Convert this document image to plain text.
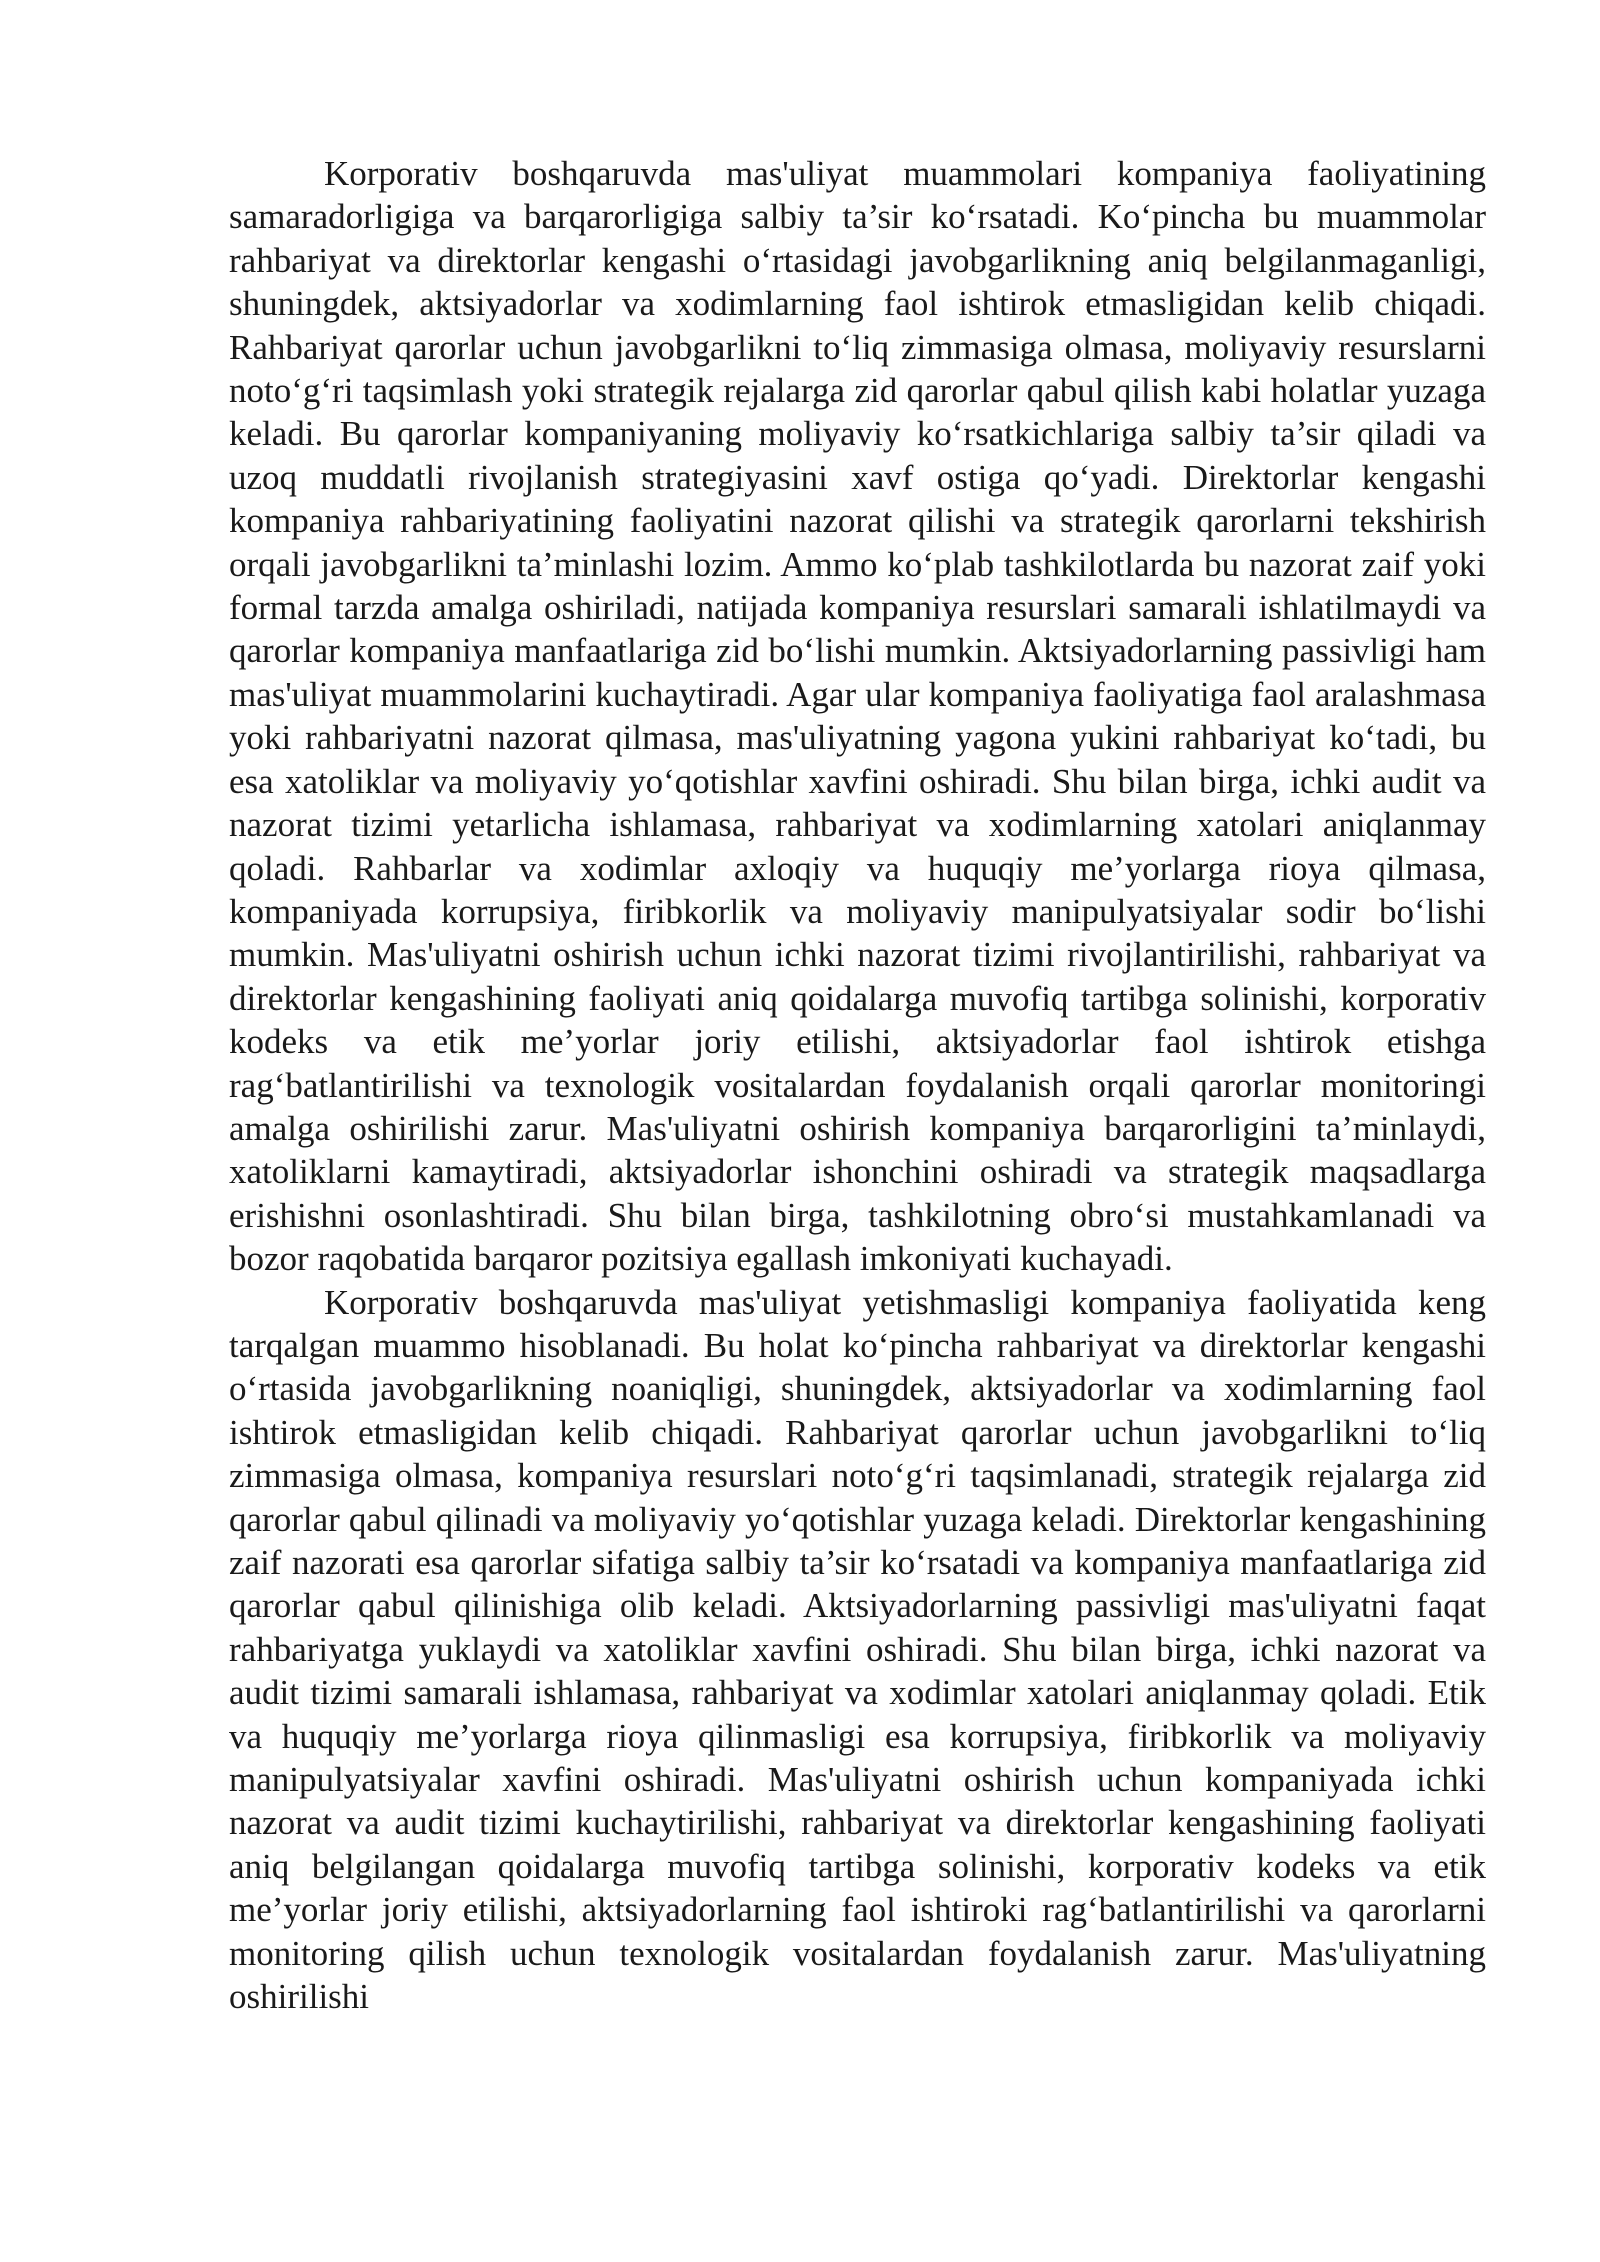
Korporativ boshqaruvda mas'uliyat muammolari kompaniya faoliyatining samaradorligiga va barqarorligiga salbiy ta’sir ko‘rsatadi. Ko‘pincha bu muammolar rahbariyat va direktorlar kengashi o‘rtasidagi javobgarlikning aniq belgilanmaganligi, shuningdek, aktsiyadorlar va xodimlarning faol ishtirok etmasligidan kelib chiqadi. Rahbariyat qarorlar uchun javobgarlikni to‘liq zimmasiga olmasa, moliyaviy resurslarni noto‘g‘ri taqsimlash yoki strategik rejalarga zid qarorlar qabul qilish kabi holatlar yuzaga keladi. Bu qarorlar kompaniyaning moliyaviy ko‘rsatkichlariga salbiy ta’sir qiladi va uzoq muddatli rivojlanish strategiyasini xavf ostiga qo‘yadi. Direktorlar kengashi kompaniya rahbariyatining faoliyatini nazorat qilishi va strategik qarorlarni tekshirish orqali javobgarlikni ta’minlashi lozim. Ammo ko‘plab tashkilotlarda bu nazorat zaif yoki formal tarzda amalga oshiriladi, natijada kompaniya resurslari samarali ishlatilmaydi va qarorlar kompaniya manfaatlariga zid bo‘lishi mumkin. Aktsiyadorlarning passivligi ham mas'uliyat muammolarini kuchaytiradi. Agar ular kompaniya faoliyatiga faol aralashmasa yoki rahbariyatni nazorat qilmasa, mas'uliyatning yagona yukini rahbariyat ko‘tadi, bu esa xatoliklar va moliyaviy yo‘qotishlar xavfini oshiradi. Shu bilan birga, ichki audit va nazorat tizimi yetarlicha ishlamasa, rahbariyat va xodimlarning xatolari aniqlanmay qoladi. Rahbarlar va xodimlar axloqiy va huquqiy me’yorlarga rioya qilmasa, kompaniyada korrupsiya, firibkorlik va moliyaviy manipulyatsiyalar sodir bo‘lishi mumkin. Mas'uliyatni oshirish uchun ichki nazorat tizimi rivojlantirilishi, rahbariyat va direktorlar kengashining faoliyati aniq qoidalarga muvofiq tartibga solinishi, korporativ kodeks va etik me’yorlar joriy etilishi, aktsiyadorlar faol ishtirok etishga rag‘batlantirilishi va texnologik vositalardan foydalanish orqali qarorlar monitoringi amalga oshirilishi zarur. Mas'uliyatni oshirish kompaniya barqarorligini ta’minlaydi, xatoliklarni kamaytiradi, aktsiyadorlar ishonchini oshiradi va strategik maqsadlarga erishishni osonlashtiradi. Shu bilan birga, tashkilotning obro‘si mustahkamlanadi va bozor raqobatida barqaror pozitsiya egallash imkoniyati kuchayadi.

Korporativ boshqaruvda mas'uliyat yetishmasligi kompaniya faoliyatida keng tarqalgan muammo hisoblanadi. Bu holat ko‘pincha rahbariyat va direktorlar kengashi o‘rtasida javobgarlikning noaniqligi, shuningdek, aktsiyadorlar va xodimlarning faol ishtirok etmasligidan kelib chiqadi. Rahbariyat qarorlar uchun javobgarlikni to‘liq zimmasiga olmasa, kompaniya resurslari noto‘g‘ri taqsimlanadi, strategik rejalarga zid qarorlar qabul qilinadi va moliyaviy yo‘qotishlar yuzaga keladi. Direktorlar kengashining zaif nazorati esa qarorlar sifatiga salbiy ta’sir ko‘rsatadi va kompaniya manfaatlariga zid qarorlar qabul qilinishiga olib keladi. Aktsiyadorlarning passivligi mas'uliyatni faqat rahbariyatga yuklaydi va xatoliklar xavfini oshiradi. Shu bilan birga, ichki nazorat va audit tizimi samarali ishlamasa, rahbariyat va xodimlar xatolari aniqlanmay qoladi. Etik va huquqiy me’yorlarga rioya qilinmasligi esa korrupsiya, firibkorlik va moliyaviy manipulyatsiyalar xavfini oshiradi. Mas'uliyatni oshirish uchun kompaniyada ichki nazorat va audit tizimi kuchaytirilishi, rahbariyat va direktorlar kengashining faoliyati aniq belgilangan qoidalarga muvofiq tartibga solinishi, korporativ kodeks va etik me’yorlar joriy etilishi, aktsiyadorlarning faol ishtiroki rag‘batlantirilishi va qarorlarni monitoring qilish uchun texnologik vositalardan foydalanish zarur. Mas'uliyatning oshirilishi
